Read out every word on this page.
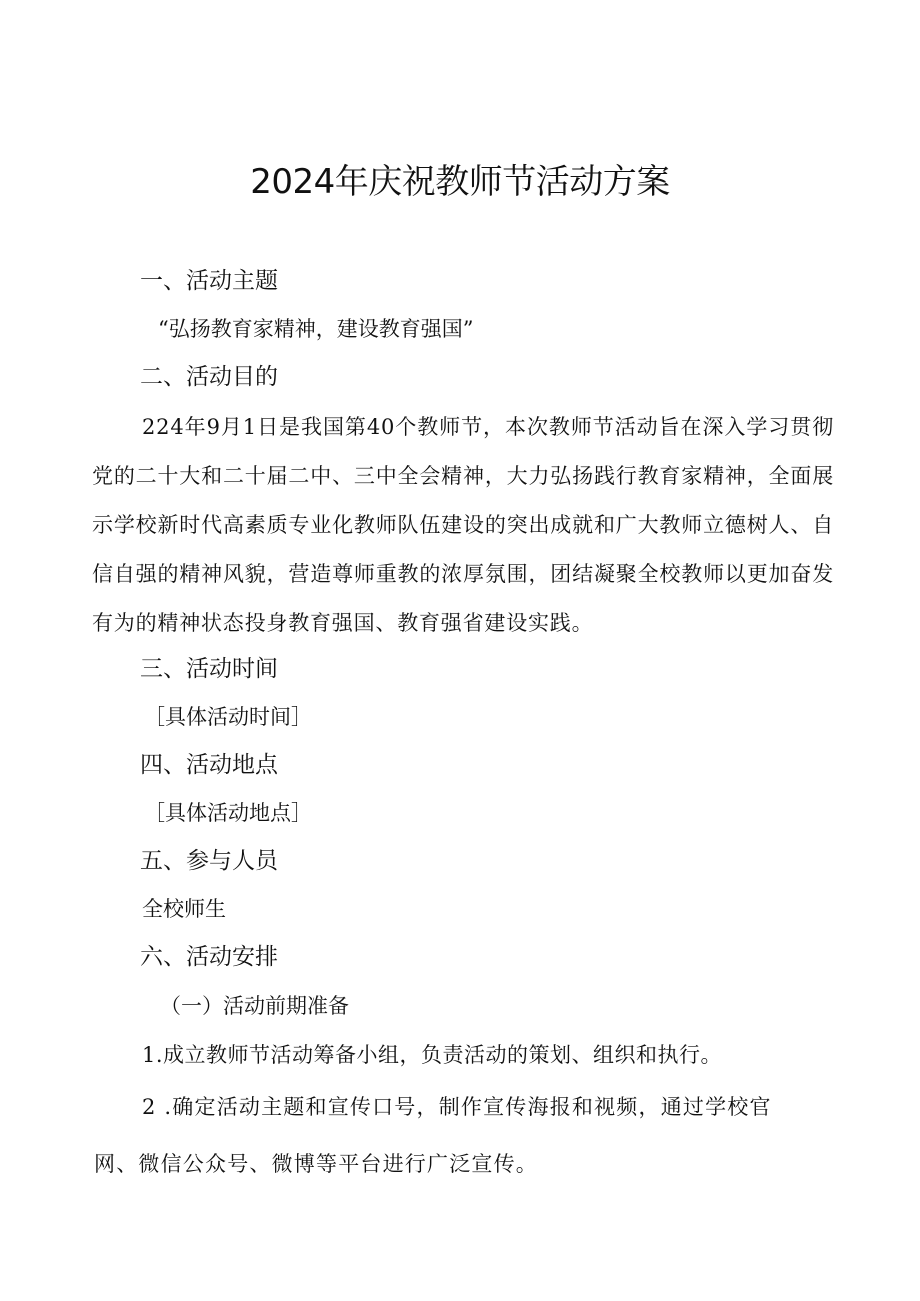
2024年庆祝教师节活动方案
一、活动主题
“弘扬教育家精神，建设教育强国”
二、活动目的
224年9月1日是我国第40个教师节，本次教师节活动旨在深入学习贯彻党的二十大和二十届二中、三中全会精神，大力弘扬践行教育家精神，全面展示学校新时代高素质专业化教师队伍建设的突出成就和广大教师立德树人、自信自强的精神风貌，营造尊师重教的浓厚氛围，团结凝聚全校教师以更加奋发有为的精神状态投身教育强国、教育强省建设实践。
三、活动时间
［具体活动时间］
四、活动地点
［具体活动地点］
五、参与人员
全校师生
六、活动安排
（一）活动前期准备
1.成立教师节活动筹备小组，负责活动的策划、组织和执行。
2 .确定活动主题和宣传口号，制作宣传海报和视频，通过学校官
网、微信公众号、微博等平台进行广泛宣传。
